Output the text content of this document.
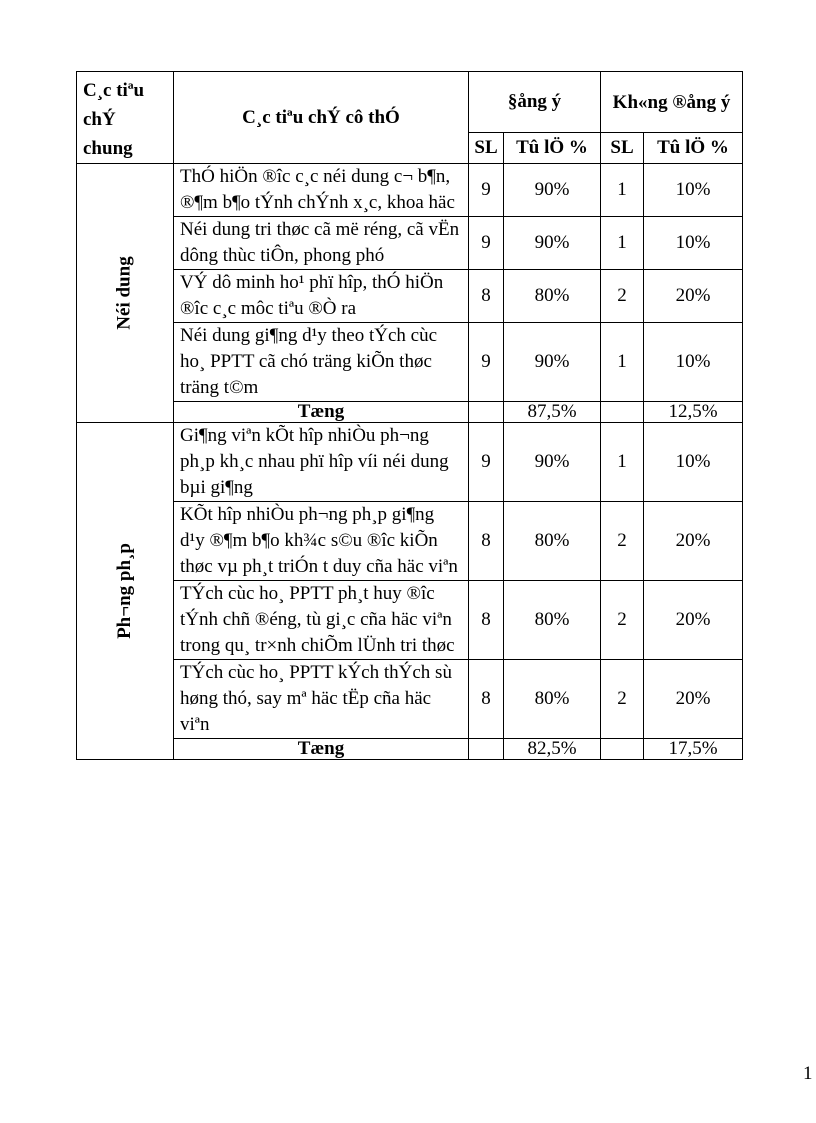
C¸c tiªu chÝ chung	C¸c tiªu chÝ cô thÓ	§ång ý		Kh«ng ®ång ý	
		SL	Tû lÖ %	SL	Tû lÖ %
Néi dung	ThÓ hiÖn ®îc c¸c néi dung c¬ b¶n, ®¶m b¶o tÝnh chÝnh x¸c, khoa häc	9	90%	1	10%
	Néi dung tri thøc cã më réng, cã vËn dông thùc tiÔn, phong phó	9	90%	1	10%
	VÝ dô minh ho¹ phï hîp, thÓ hiÖn ®îc c¸c môc tiªu ®Ò ra	8	80%	2	20%
	Néi dung gi¶ng d¹y theo tÝch cùc ho¸ PPTT cã chó träng kiÕn thøc träng t©m	9	90%	1	10%
	Tæng		87,5%		12,5%
Ph¬ng ph¸p	Gi¶ng viªn kÕt hîp nhiÒu ph¬ng ph¸p kh¸c nhau phï hîp víi néi dung bµi gi¶ng	9	90%	1	10%
	KÕt hîp nhiÒu ph¬ng ph¸p gi¶ng d¹y ®¶m b¶o kh¾c s©u ®îc kiÕn thøc vµ ph¸t triÓn t duy cña häc viªn	8	80%	2	20%
	TÝch cùc ho¸ PPTT ph¸t huy ®îc tÝnh chñ ®éng, tù gi¸c cña häc viªn trong qu¸ tr×nh chiÕm lÜnh tri thøc	8	80%	2	20%
	TÝch cùc ho¸ PPTT kÝch thÝch sù høng thó, say mª häc tËp cña häc viªn	8	80%	2	20%
	Tæng		82,5%		17,5%
1
